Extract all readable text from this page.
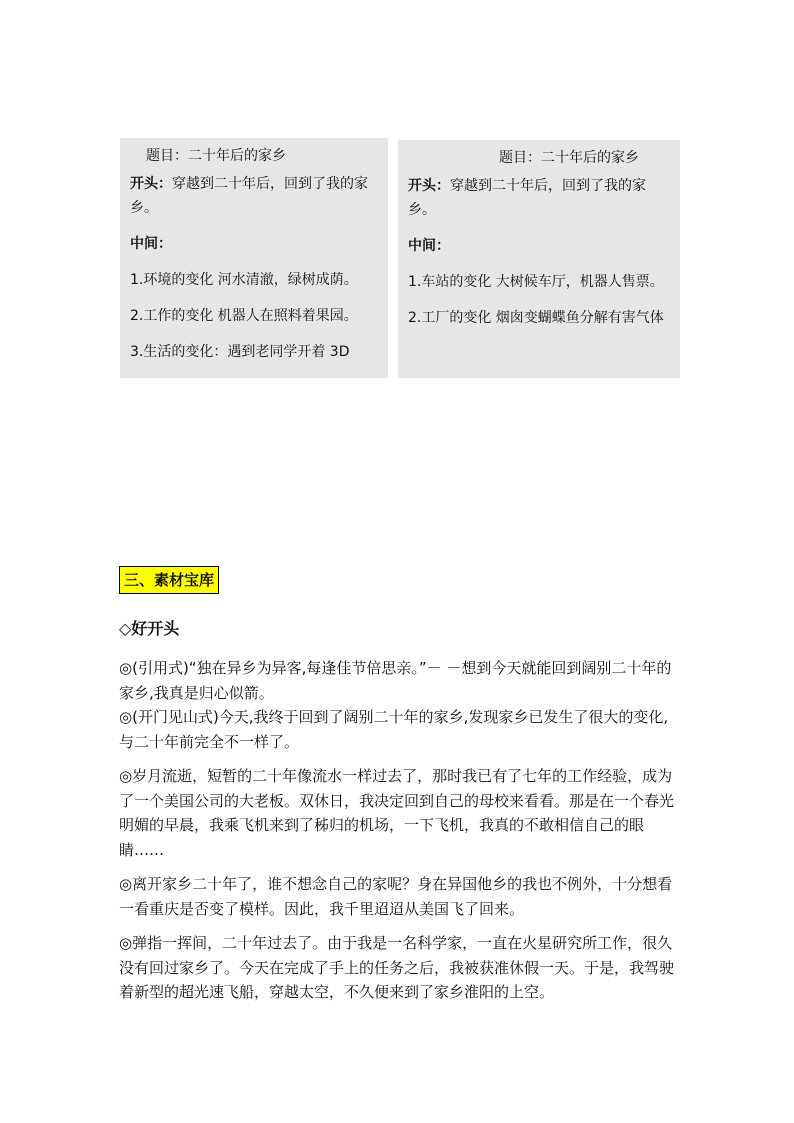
题目：二十年后的家乡

开头：穿越到二十年后，回到了我的家乡。

中间：

1.环境的变化 河水清澈，绿树成荫。

2.工作的变化 机器人在照料着果园。

3.生活的变化：遇到老同学开着 3D

题目：二十年后的家乡

开头：穿越到二十年后，回到了我的家乡。

中间：

1.车站的变化 大树候车厅，机器人售票。

2.工厂的变化 烟囱变蝴蝶鱼分解有害气体

三、素材宝库
◇好开头

◎(引用式)“独在异乡为异客,每逢佳节倍思亲。”－ －想到今天就能回到阔别二十年的家乡,我真是归心似箭。

◎(开门见山式)今天,我终于回到了阔别二十年的家乡,发现家乡已发生了很大的变化,与二十年前完全不一样了。

◎岁月流逝，短暂的二十年像流水一样过去了，那时我已有了七年的工作经验，成为了一个美国公司的大老板。双休日，我决定回到自己的母校来看看。那是在一个春光明媚的早晨，我乘飞机来到了秭归的机场，一下飞机，我真的不敢相信自己的眼睛……

◎离开家乡二十年了，谁不想念自己的家呢？身在异国他乡的我也不例外，十分想看一看重庆是否变了模样。因此，我千里迢迢从美国飞了回来。

◎弹指一挥间，二十年过去了。由于我是一名科学家，一直在火星研究所工作，很久没有回过家乡了。今天在完成了手上的任务之后，我被获准休假一天。于是，我驾驶着新型的超光速飞船，穿越太空，不久便来到了家乡淮阳的上空。
